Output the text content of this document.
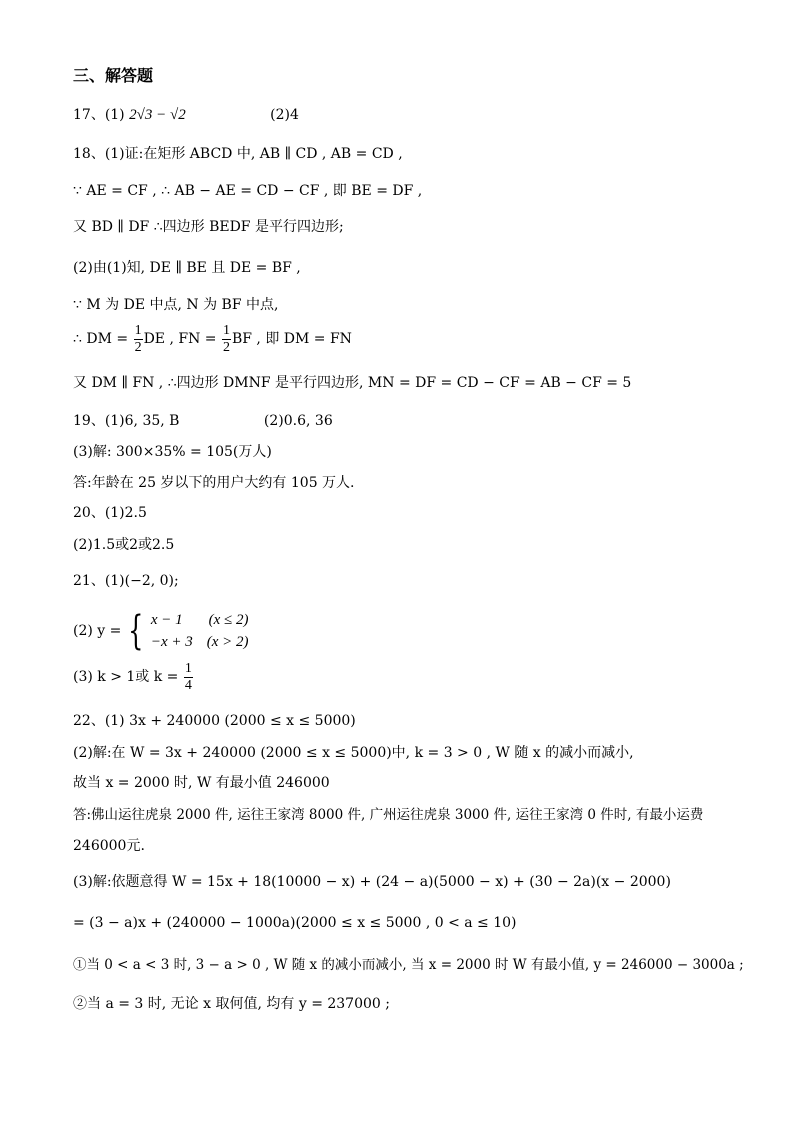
三、解答题
17、(1) 2√3 − √2	(2)4
18、(1)证:在矩形 ABCD 中, AB ∥ CD , AB = CD ,
∵ AE = CF , ∴ AB − AE = CD − CF , 即 BE = DF ,
又 BD ∥ DF ∴四边形 BEDF 是平行四边形;
(2)由(1)知, DE ∥ BE 且 DE = BF ,
∵ M 为 DE 中点, N 为 BF 中点,
∴ DM = $\frac{1}{2}$ DE , FN = $\frac{1}{2}$ BF , 即 DM = FN
又 DM ∥ FN , ∴四边形 DMNF 是平行四边形, MN = DF = CD − CF = AB − CF = 5
19、(1)6, 35, B	(2)0.6, 36
(3)解: 300×35% = 105(万人)
答:年龄在 25 岁以下的用户大约有 105 万人.
20、(1)2.5
(2)1.5或2或2.5
21、(1)(−2, 0);
(2) y = { x − 1 (x ≤ 2)
−x + 3 (x > 2)
(3) k > 1或 $k = \frac{1}{4}$
22、(1) 3x + 240000 (2000 ≤ x ≤ 5000)
(2)解:在 W = 3x + 240000 (2000 ≤ x ≤ 5000)中, k = 3 > 0 , W 随 x 的减小而减小,
故当 x = 2000 时, W 有最小值 246000
答:佛山运往虎泉 2000 件, 运往王家湾 8000 件, 广州运往虎泉 3000 件, 运往王家湾 0 件时, 有最小运费
246000元.
(3)解:依题意得 W = 15x + 18(10000 − x) + (24 − a)(5000 − x) + (30 − 2a)(x − 2000)
= (3 − a)x + (240000 − 1000a)(2000 ≤ x ≤ 5000 , 0 < a ≤ 10)
①当 0 < a < 3 时, 3 − a > 0 , W 随 x 的减小而减小, 当 x = 2000 时 W 有最小值, y = 246000 − 3000a ;
②当 a = 3 时, 无论 x 取何值, 均有 y = 237000 ;
